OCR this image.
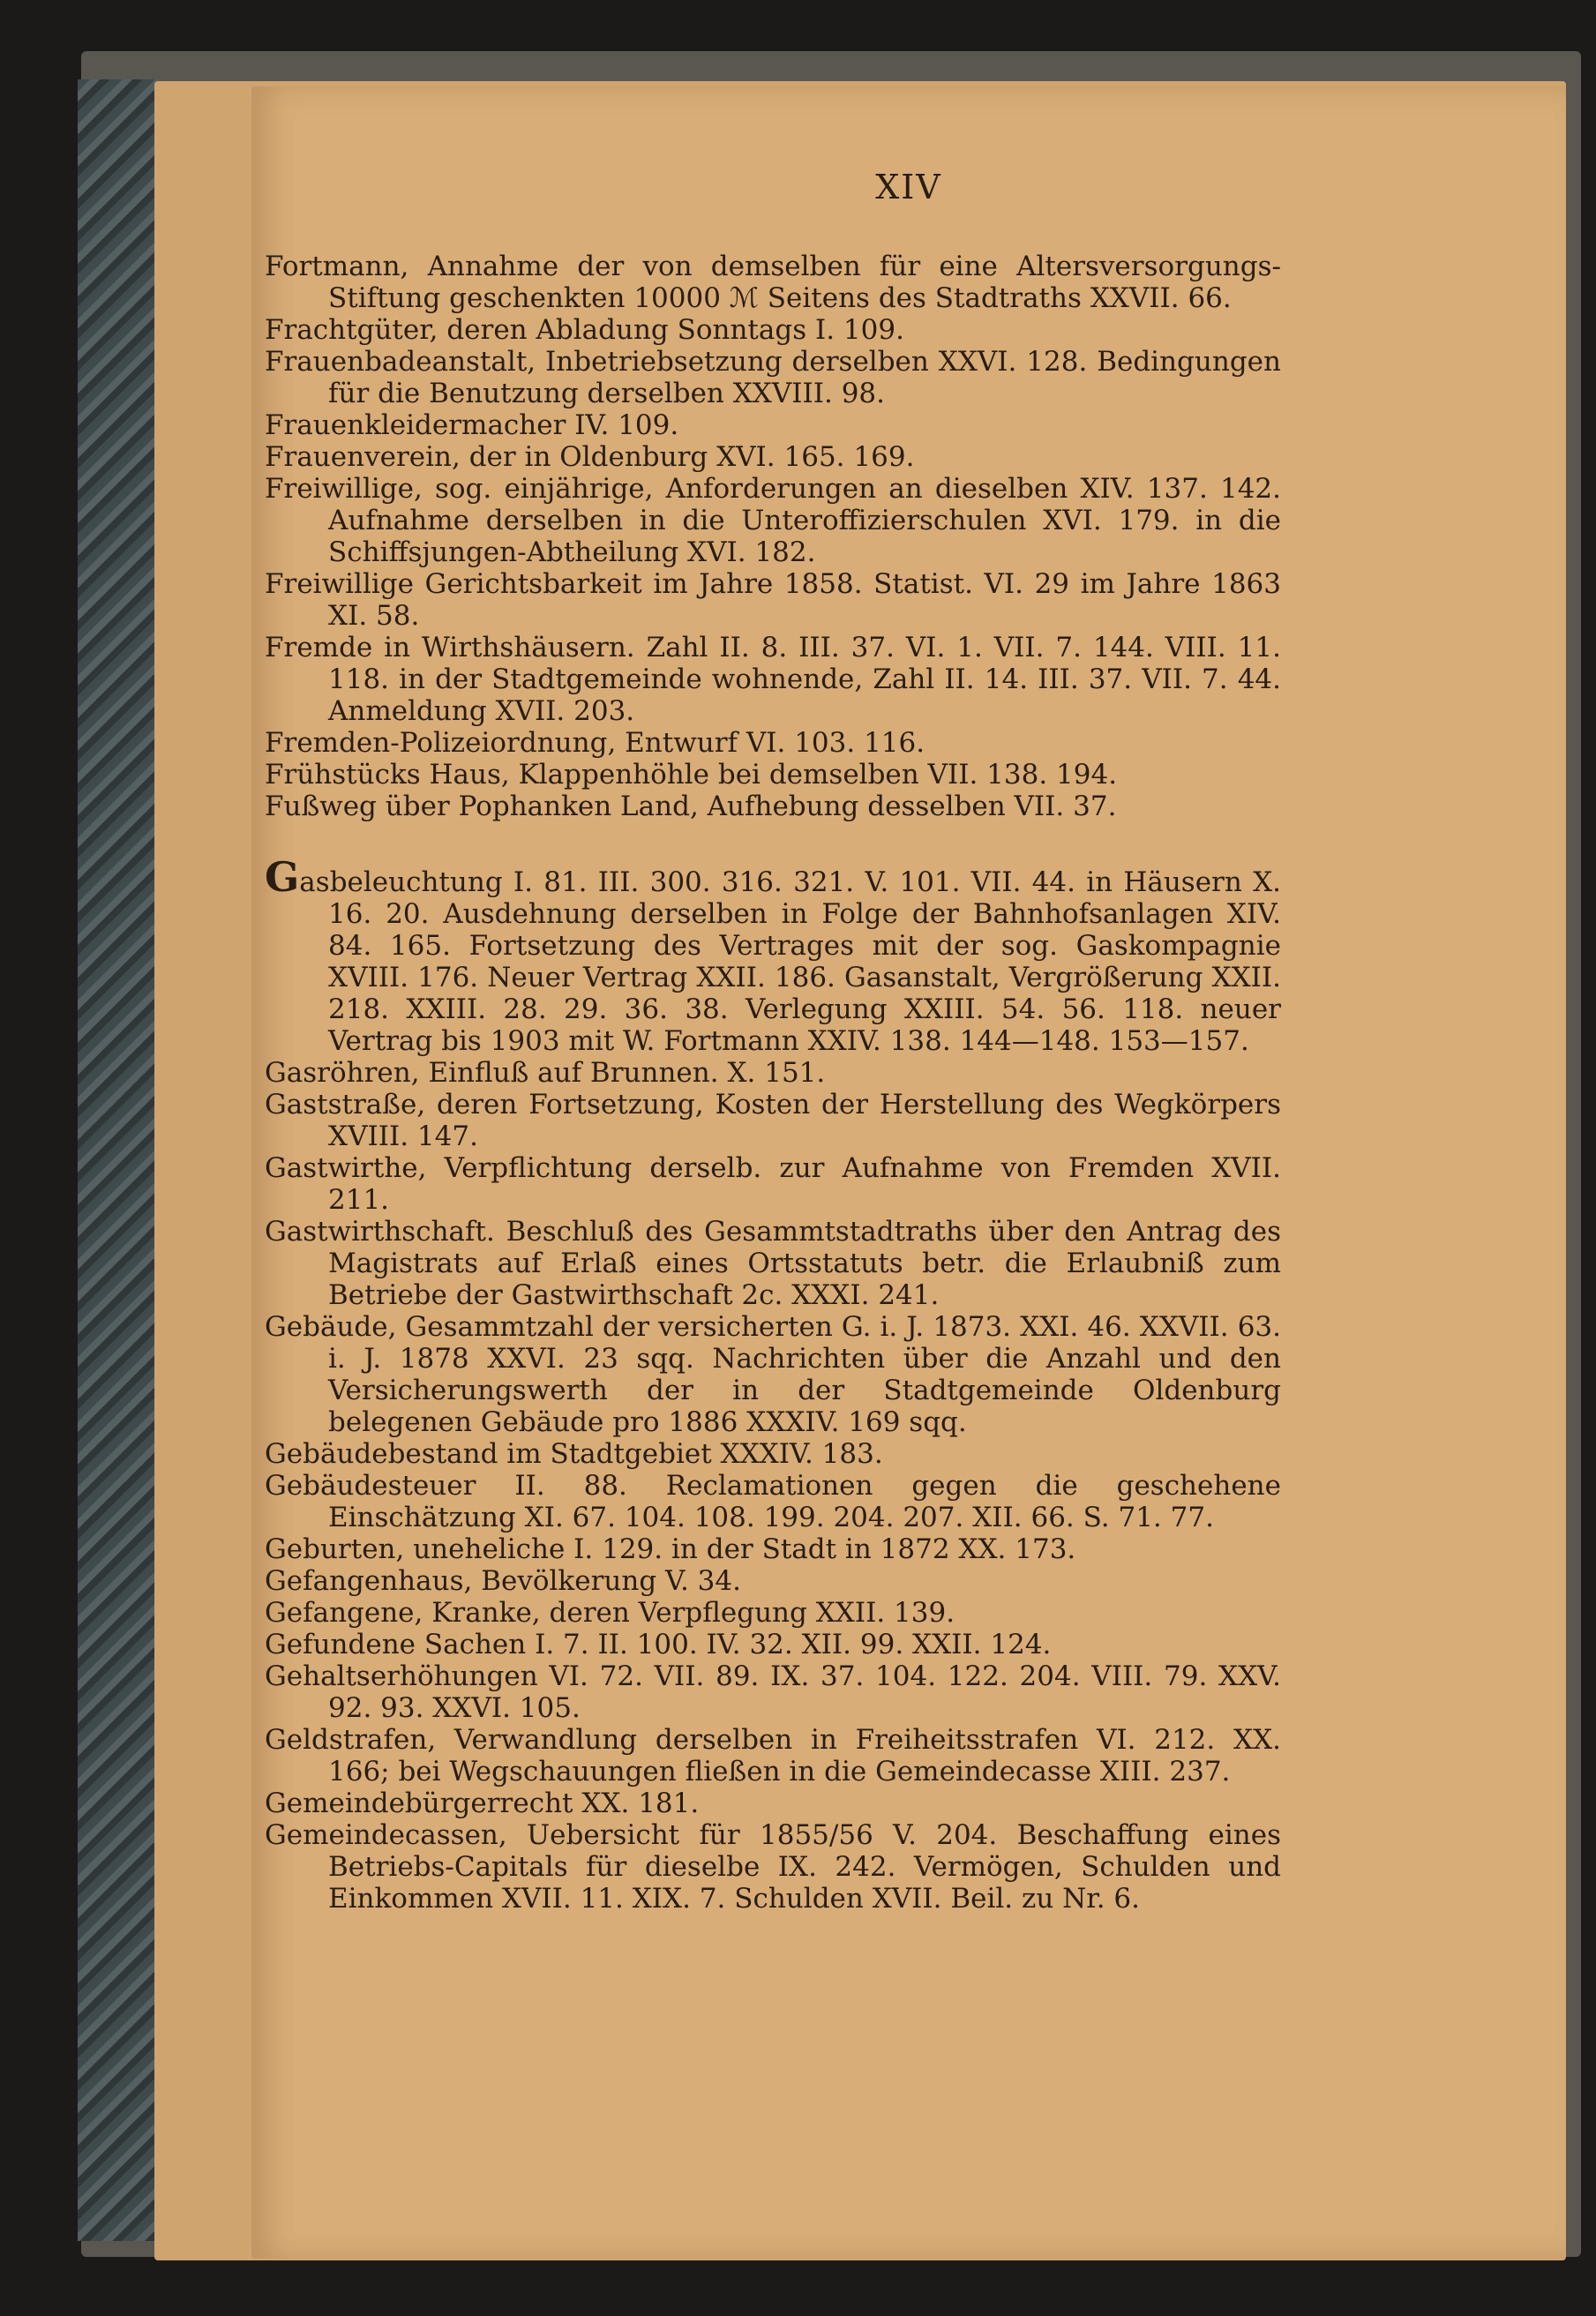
XIV

Fortmann, Annahme der von demselben für eine Altersversorgungs-Stiftung geschenkten 10000 ℳ Seitens des Stadtraths XXVII. 66.

Frachtgüter, deren Abladung Sonntags I. 109.

Frauenbadeanstalt, Inbetriebsetzung derselben XXVI. 128. Bedingungen für die Benutzung derselben XXVIII. 98.

Frauenkleidermacher IV. 109.

Frauenverein, der in Oldenburg XVI. 165. 169.

Freiwillige, sog. einjährige, Anforderungen an dieselben XIV. 137. 142. Aufnahme derselben in die Unteroffizierschulen XVI. 179. in die Schiffsjungen-Abtheilung XVI. 182.

Freiwillige Gerichtsbarkeit im Jahre 1858. Statist. VI. 29 im Jahre 1863 XI. 58.

Fremde in Wirthshäusern. Zahl II. 8. III. 37. VI. 1. VII. 7. 144. VIII. 11. 118. in der Stadtgemeinde wohnende, Zahl II. 14. III. 37. VII. 7. 44. Anmeldung XVII. 203.

Fremden-Polizeiordnung, Entwurf VI. 103. 116.

Frühstücks Haus, Klappenhöhle bei demselben VII. 138. 194.

Fußweg über Pophanken Land, Aufhebung desselben VII. 37.

Gasbeleuchtung I. 81. III. 300. 316. 321. V. 101. VII. 44. in Häusern X. 16. 20. Ausdehnung derselben in Folge der Bahnhofsanlagen XIV. 84. 165. Fortsetzung des Vertrages mit der sog. Gaskompagnie XVIII. 176. Neuer Vertrag XXII. 186. Gasanstalt, Vergrößerung XXII. 218. XXIII. 28. 29. 36. 38. Verlegung XXIII. 54. 56. 118. neuer Vertrag bis 1903 mit W. Fortmann XXIV. 138. 144—148. 153—157.

Gasröhren, Einfluß auf Brunnen. X. 151.

Gaststraße, deren Fortsetzung, Kosten der Herstellung des Wegkörpers XVIII. 147.

Gastwirthe, Verpflichtung derselb. zur Aufnahme von Fremden XVII. 211.

Gastwirthschaft. Beschluß des Gesammtstadtraths über den Antrag des Magistrats auf Erlaß eines Ortsstatuts betr. die Erlaubniß zum Betriebe der Gastwirthschaft 2c. XXXI. 241.

Gebäude, Gesammtzahl der versicherten G. i. J. 1873. XXI. 46. XXVII. 63. i. J. 1878 XXVI. 23 sqq. Nachrichten über die Anzahl und den Versicherungswerth der in der Stadtgemeinde Oldenburg belegenen Gebäude pro 1886 XXXIV. 169 sqq.

Gebäudebestand im Stadtgebiet XXXIV. 183.

Gebäudesteuer II. 88. Reclamationen gegen die geschehene Einschätzung XI. 67. 104. 108. 199. 204. 207. XII. 66. S. 71. 77.

Geburten, uneheliche I. 129. in der Stadt in 1872 XX. 173.

Gefangenhaus, Bevölkerung V. 34.

Gefangene, Kranke, deren Verpflegung XXII. 139.

Gefundene Sachen I. 7. II. 100. IV. 32. XII. 99. XXII. 124.

Gehaltserhöhungen VI. 72. VII. 89. IX. 37. 104. 122. 204. VIII. 79. XXV. 92. 93. XXVI. 105.

Geldstrafen, Verwandlung derselben in Freiheitsstrafen VI. 212. XX. 166; bei Wegschauungen fließen in die Gemeindecasse XIII. 237.

Gemeindebürgerrecht XX. 181.

Gemeindecassen, Uebersicht für 1855/56 V. 204. Beschaffung eines Betriebs-Capitals für dieselbe IX. 242. Vermögen, Schulden und Einkommen XVII. 11. XIX. 7. Schulden XVII. Beil. zu Nr. 6.
